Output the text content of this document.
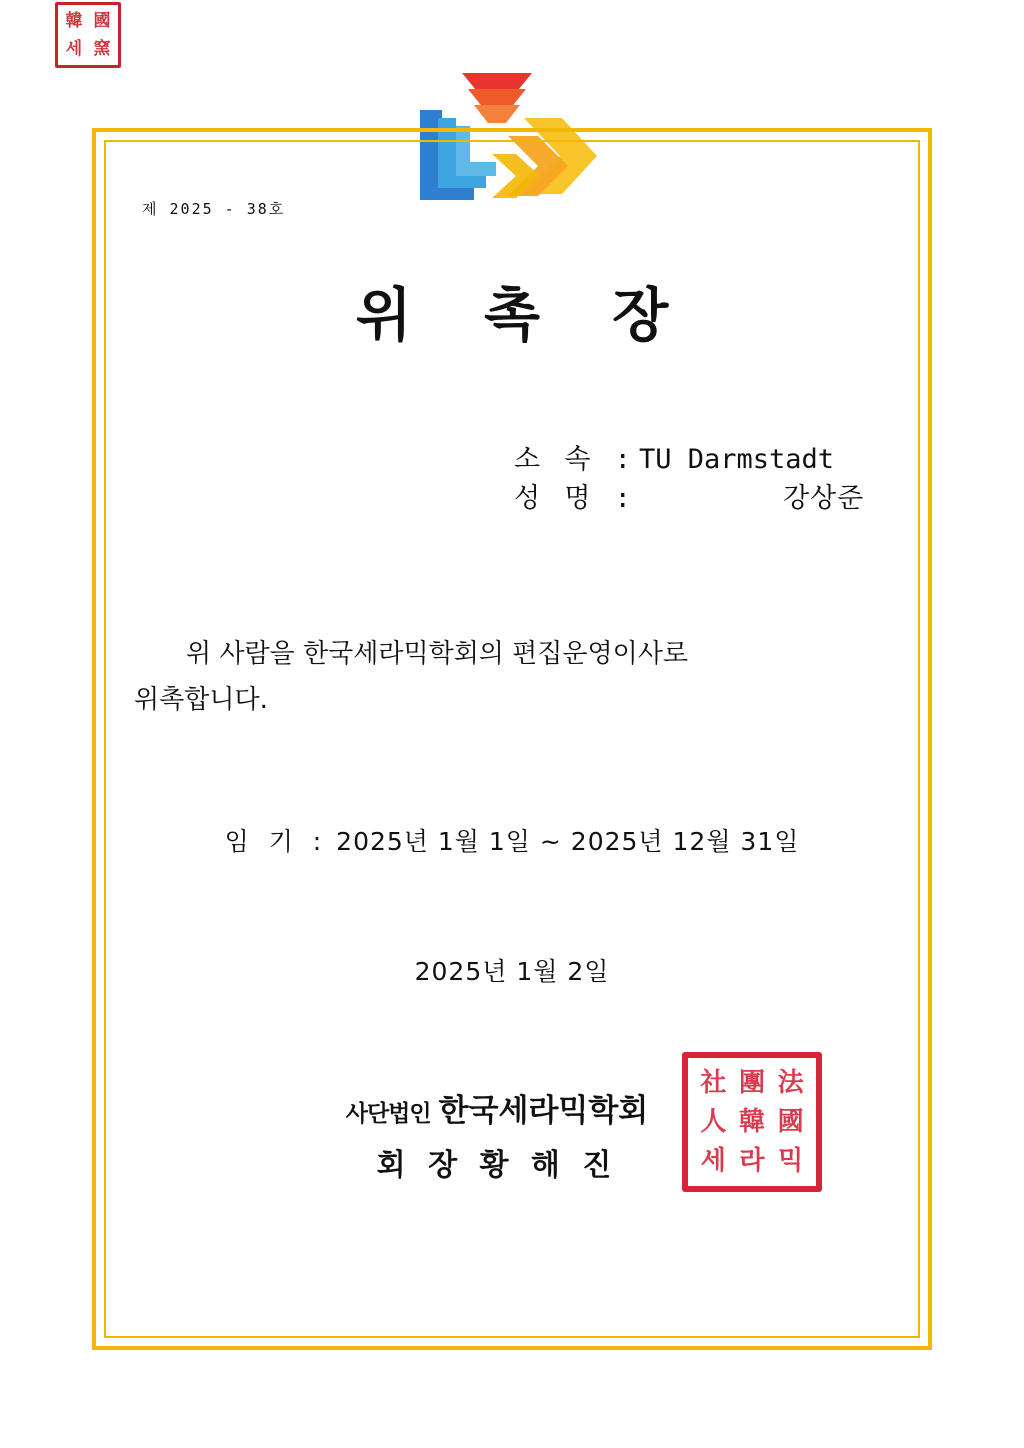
韓 國
세 窯
제 2025 - 38호
위 촉 장
소 속 : TU Darmstadt
성 명 :	강상준
위 사람을 한국세라믹학회의 편집운영이사로
위촉합니다.
임 기 : 2025년 1월 1일 ~ 2025년 12월 31일
2025년 1월 2일
사단법인 한국세라믹학회
회 장 황 해 진
社 團 法
人 韓 國
세 라 믹
